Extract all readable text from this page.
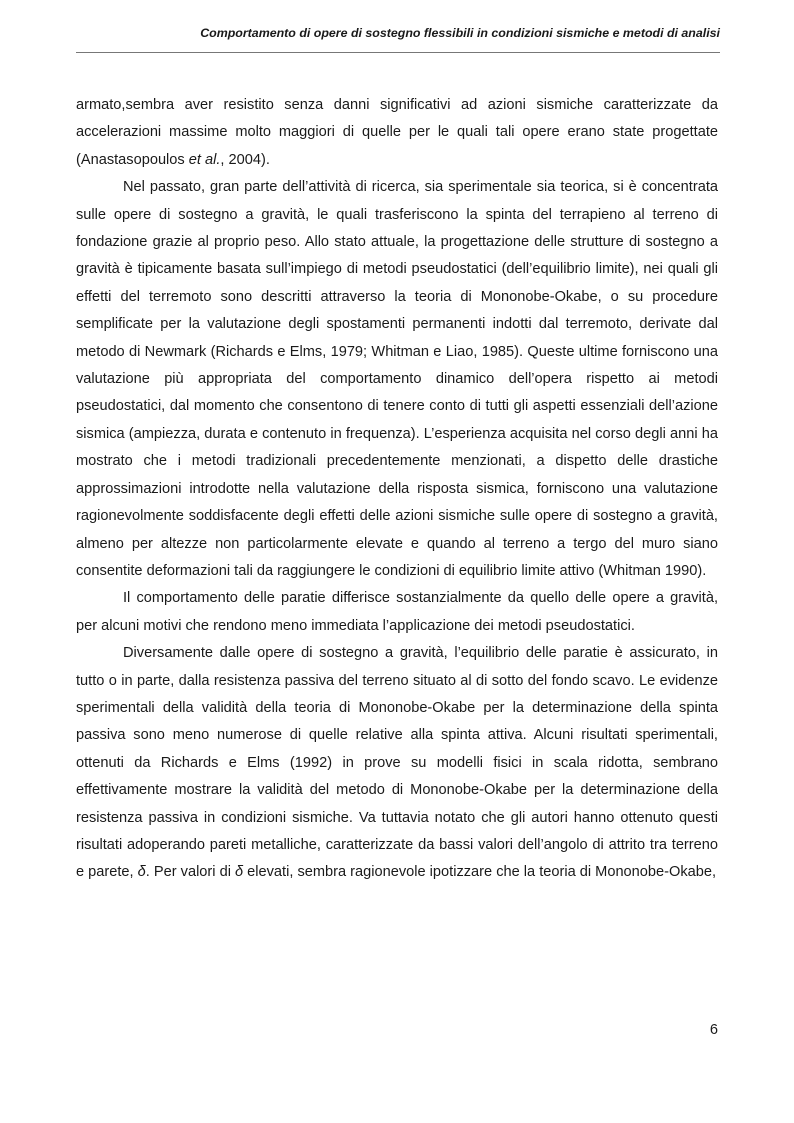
Comportamento di opere di sostegno flessibili in condizioni sismiche e metodi di analisi

armato,sembra aver resistito senza danni significativi ad azioni sismiche caratterizzate da accelerazioni massime molto maggiori di quelle per le quali tali opere erano state progettate (Anastasopoulos et al., 2004).

Nel passato, gran parte dell’attività di ricerca, sia sperimentale sia teorica, si è concentrata sulle opere di sostegno a gravità, le quali trasferiscono la spinta del terrapieno al terreno di fondazione grazie al proprio peso. Allo stato attuale, la progettazione delle strutture di sostegno a gravità è tipicamente basata sull’impiego di metodi pseudostatici (dell’equilibrio limite), nei quali gli effetti del terremoto sono descritti attraverso la teoria di Mononobe-Okabe, o su procedure semplificate per la valutazione degli spostamenti permanenti indotti dal terremoto, derivate dal metodo di Newmark (Richards e Elms, 1979; Whitman e Liao, 1985). Queste ultime forniscono una valutazione più appropriata del comportamento dinamico dell’opera rispetto ai metodi pseudostatici, dal momento che consentono di tenere conto di tutti gli aspetti essenziali dell’azione sismica (ampiezza, durata e contenuto in frequenza). L’esperienza acquisita nel corso degli anni ha mostrato che i metodi tradizionali precedentemente menzionati, a dispetto delle drastiche approssimazioni introdotte nella valutazione della risposta sismica, forniscono una valutazione ragionevolmente soddisfacente degli effetti delle azioni sismiche sulle opere di sostegno a gravità, almeno per altezze non particolarmente elevate e quando al terreno a tergo del muro siano consentite deformazioni tali da raggiungere le condizioni di equilibrio limite attivo (Whitman 1990).

Il comportamento delle paratie differisce sostanzialmente da quello delle opere a gravità, per alcuni motivi che rendono meno immediata l’applicazione dei metodi pseudostatici.

Diversamente dalle opere di sostegno a gravità, l’equilibrio delle paratie è assicurato, in tutto o in parte, dalla resistenza passiva del terreno situato al di sotto del fondo scavo. Le evidenze sperimentali della validità della teoria di Mononobe-Okabe per la determinazione della spinta passiva sono meno numerose di quelle relative alla spinta attiva. Alcuni risultati sperimentali, ottenuti da Richards e Elms (1992) in prove su modelli fisici in scala ridotta, sembrano effettivamente mostrare la validità del metodo di Mononobe-Okabe per la determinazione della resistenza passiva in condizioni sismiche. Va tuttavia notato che gli autori hanno ottenuto questi risultati adoperando pareti metalliche, caratterizzate da bassi valori dell’angolo di attrito tra terreno e parete, δ. Per valori di δ elevati, sembra ragionevole ipotizzare che la teoria di Mononobe-Okabe,

6
